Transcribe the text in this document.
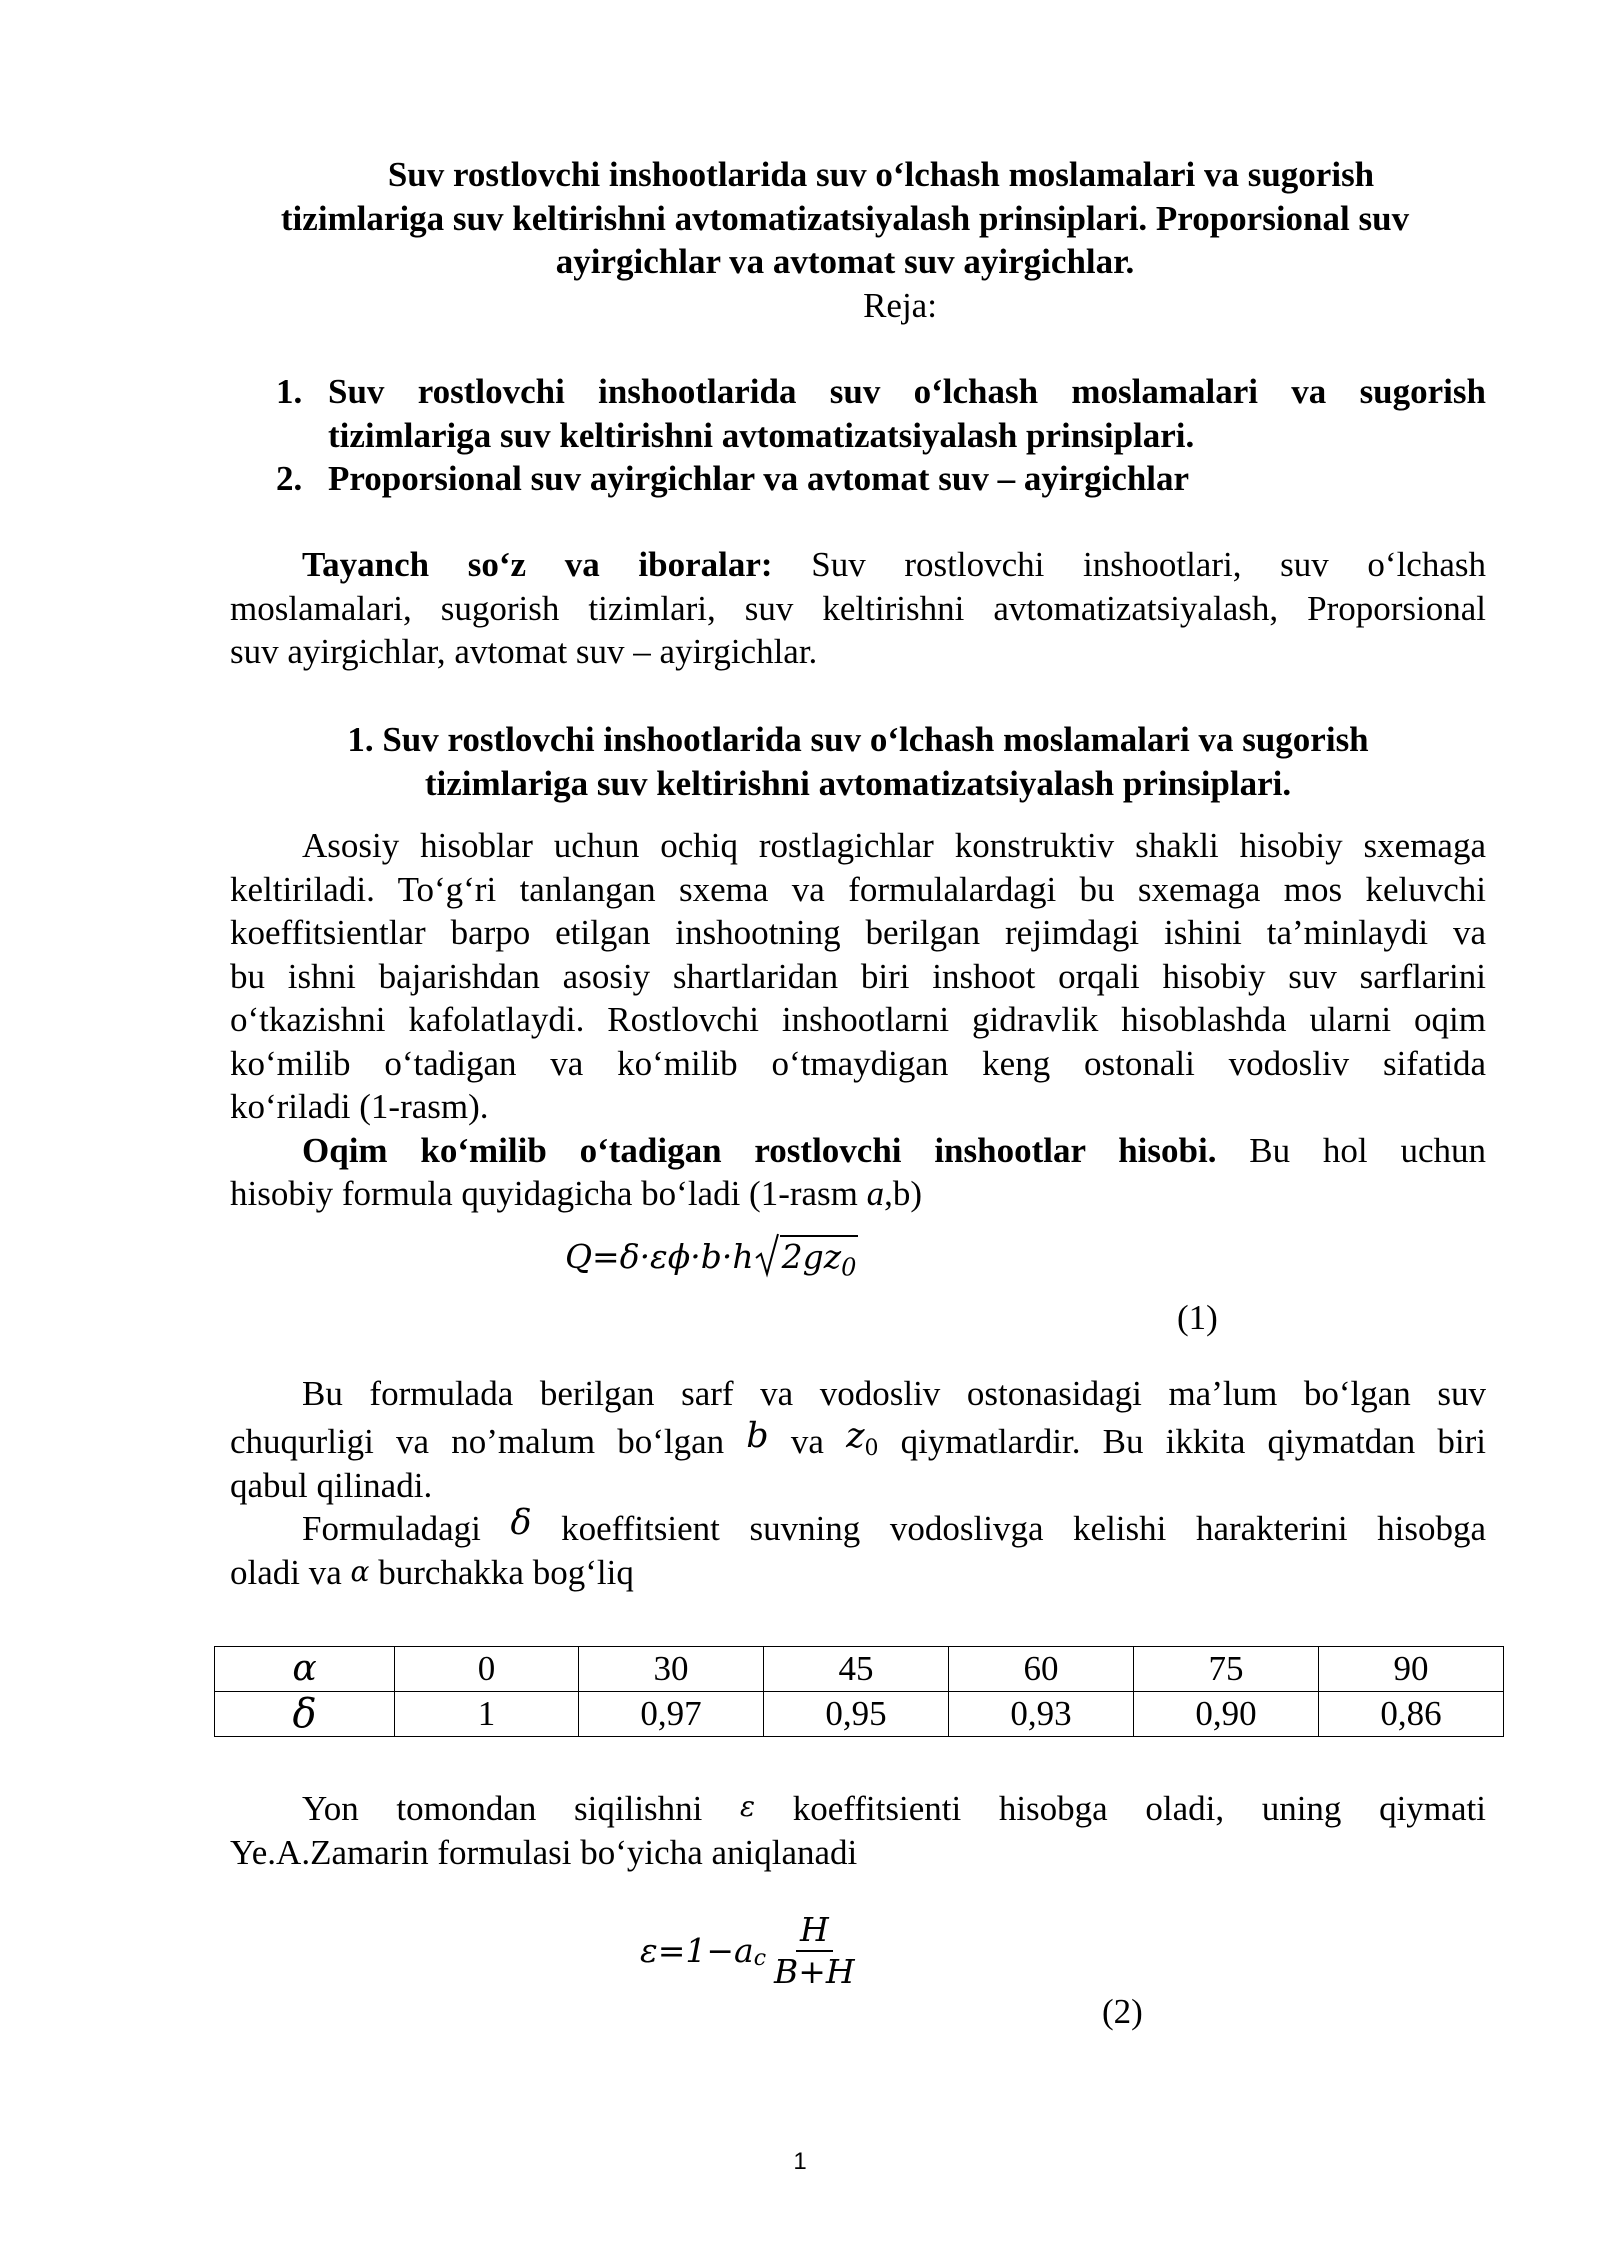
Suv rostlovchi inshootlarida suv o‘lchash moslamalari va sugorish
tizimlariga suv keltirishni avtomatizatsiyalash prinsiplari. Proporsional suv
ayirgichlar va avtomat suv ayirgichlar.
Reja:
1. Suv rostlovchi inshootlarida suv o‘lchash moslamalari va sugorish
tizimlariga suv keltirishni avtomatizatsiyalash prinsiplari.
2. Proporsional suv ayirgichlar va avtomat suv – ayirgichlar
Tayanch so‘z va iboralar: Suv rostlovchi inshootlari, suv o‘lchash
moslamalari, sugorish tizimlari, suv keltirishni avtomatizatsiyalash, Proporsional
suv ayirgichlar, avtomat suv – ayirgichlar.
1. Suv rostlovchi inshootlarida suv o‘lchash moslamalari va sugorish
tizimlariga suv keltirishni avtomatizatsiyalash prinsiplari.
Asosiy hisoblar uchun ochiq rostlagichlar konstruktiv shakli hisobiy sxemaga
keltiriladi. To‘g‘ri tanlangan sxema va formulalardagi bu sxemaga mos keluvchi
koeffitsientlar barpo etilgan inshootning berilgan rejimdagi ishini ta’minlaydi va
bu ishni bajarishdan asosiy shartlaridan biri inshoot orqali hisobiy suv sarflarini
o‘tkazishni kafolatlaydi. Rostlovchi inshootlarni gidravlik hisoblashda ularni oqim
ko‘milib o‘tadigan va ko‘milib o‘tmaydigan keng ostonali vodosliv sifatida
ko‘riladi (1-rasm).
Oqim ko‘milib o‘tadigan rostlovchi inshootlar hisobi. Bu hol uchun
hisobiy formula quyidagicha bo‘ladi (1-rasm a,b)
Q=δ·εϕ·b·h $2gz_0$
(1)
Bu formulada berilgan sarf va vodosliv ostonasidagi ma’lum bo‘lgan suv
chuqurligi va no’malum bo‘lgan b va $z_0$ qiymatlardir. Bu ikkita qiymatdan biri
qabul qilinadi.
Formuladagi δ koeffitsient suvning vodoslivga kelishi harakterini hisobga
oladi va α burchakka bog‘liq
α	0	30	45	60	75	90
δ	1	0,97	0,95	0,93	0,90	0,86
Yon tomondan siqilishni ε koeffitsienti hisobga oladi, uning qiymati
Ye.A.Zamarin formulasi bo‘yicha aniqlanadi
$\varepsilon=1-a_c \frac{H}{B+H}$
(2)
1
